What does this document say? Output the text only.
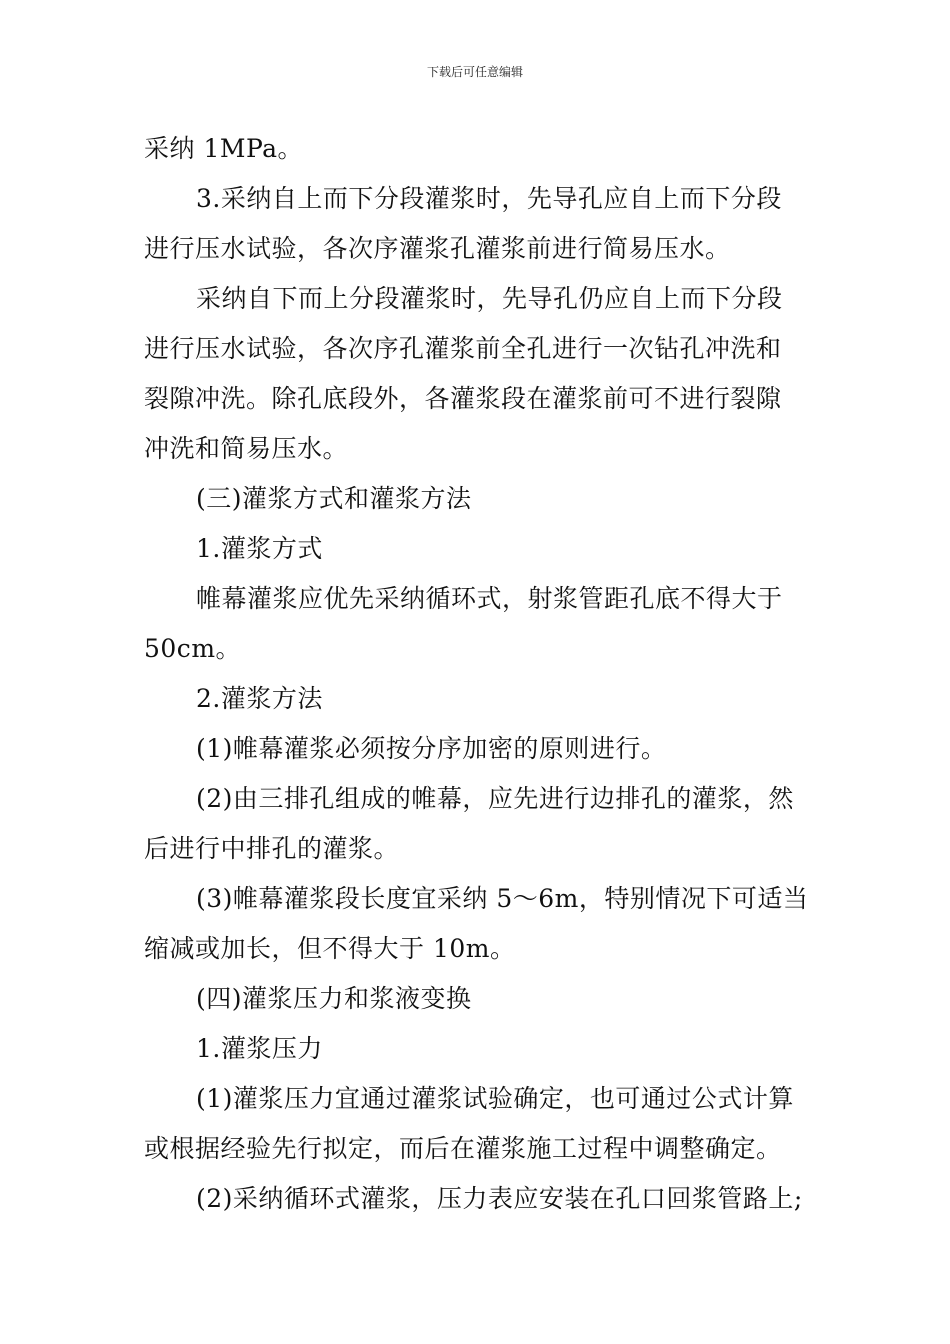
下载后可任意编辑
采纳 1MPa。
3.采纳自上而下分段灌浆时，先导孔应自上而下分段
进行压水试验，各次序灌浆孔灌浆前进行简易压水。
采纳自下而上分段灌浆时，先导孔仍应自上而下分段
进行压水试验，各次序孔灌浆前全孔进行一次钻孔冲洗和
裂隙冲洗。除孔底段外，各灌浆段在灌浆前可不进行裂隙
冲洗和简易压水。
(三)灌浆方式和灌浆方法
1.灌浆方式
帷幕灌浆应优先采纳循环式，射浆管距孔底不得大于
50cm。
2.灌浆方法
(1)帷幕灌浆必须按分序加密的原则进行。
(2)由三排孔组成的帷幕，应先进行边排孔的灌浆，然
后进行中排孔的灌浆。
(3)帷幕灌浆段长度宜采纳 5～6m，特别情况下可适当
缩减或加长，但不得大于 10m。
(四)灌浆压力和浆液变换
1.灌浆压力
(1)灌浆压力宜通过灌浆试验确定，也可通过公式计算
或根据经验先行拟定，而后在灌浆施工过程中调整确定。
(2)采纳循环式灌浆，压力表应安装在孔口回浆管路上;
